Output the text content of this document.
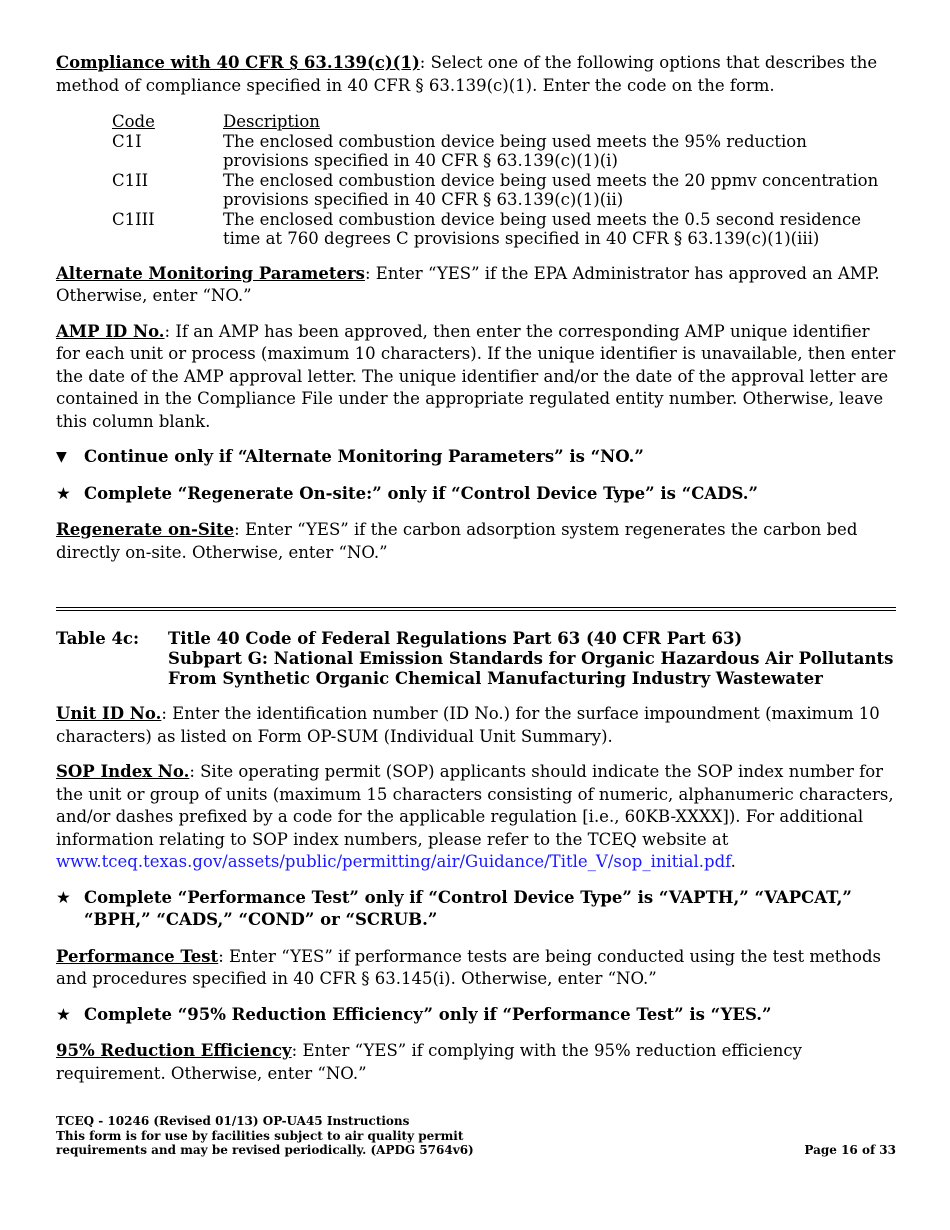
Compliance with 40 CFR § 63.139(c)(1): Select one of the following options that describes the method of compliance specified in 40 CFR § 63.139(c)(1). Enter the code on the form.

Code	Description
C1I	The enclosed combustion device being used meets the 95% reduction provisions specified in 40 CFR § 63.139(c)(1)(i)
C1II	The enclosed combustion device being used meets the 20 ppmv concentration provisions specified in 40 CFR § 63.139(c)(1)(ii)
C1III	The enclosed combustion device being used meets the 0.5 second residence time at 760 degrees C provisions specified in 40 CFR § 63.139(c)(1)(iii)

Alternate Monitoring Parameters: Enter “YES” if the EPA Administrator has approved an AMP. Otherwise, enter “NO.”

AMP ID No.: If an AMP has been approved, then enter the corresponding AMP unique identifier for each unit or process (maximum 10 characters). If the unique identifier is unavailable, then enter the date of the AMP approval letter. The unique identifier and/or the date of the approval letter are contained in the Compliance File under the appropriate regulated entity number. Otherwise, leave this column blank.

▼	Continue only if “Alternate Monitoring Parameters” is “NO.”
★ Complete “Regenerate On-site:” only if “Control Device Type” is “CADS.”

Regenerate on-Site: Enter “YES” if the carbon adsorption system regenerates the carbon bed directly on-site. Otherwise, enter “NO.”

Table 4c:	Title 40 Code of Federal Regulations Part 63 (40 CFR Part 63)
Subpart G: National Emission Standards for Organic Hazardous Air Pollutants
From Synthetic Organic Chemical Manufacturing Industry Wastewater

Unit ID No.: Enter the identification number (ID No.) for the surface impoundment (maximum 10 characters) as listed on Form OP-SUM (Individual Unit Summary).

SOP Index No.: Site operating permit (SOP) applicants should indicate the SOP index number for the unit or group of units (maximum 15 characters consisting of numeric, alphanumeric characters, and/or dashes prefixed by a code for the applicable regulation [i.e., 60KB-XXXX]). For additional information relating to SOP index numbers, please refer to the TCEQ website at
www.tceq.texas.gov/assets/public/permitting/air/Guidance/Title_V/sop_initial.pdf.

★ Complete “Performance Test” only if “Control Device Type” is “VAPTH,” “VAPCAT,” “BPH,” “CADS,” “COND” or “SCRUB.”

Performance Test: Enter “YES” if performance tests are being conducted using the test methods and procedures specified in 40 CFR § 63.145(i). Otherwise, enter “NO.”

★ Complete “95% Reduction Efficiency” only if “Performance Test” is “YES.”

95% Reduction Efficiency: Enter “YES” if complying with the 95% reduction efficiency requirement. Otherwise, enter “NO.”

TCEQ - 10246 (Revised 01/13) OP-UA45 Instructions
This form is for use by facilities subject to air quality permit
requirements and may be revised periodically. (APDG 5764v6)	Page 16 of 33
